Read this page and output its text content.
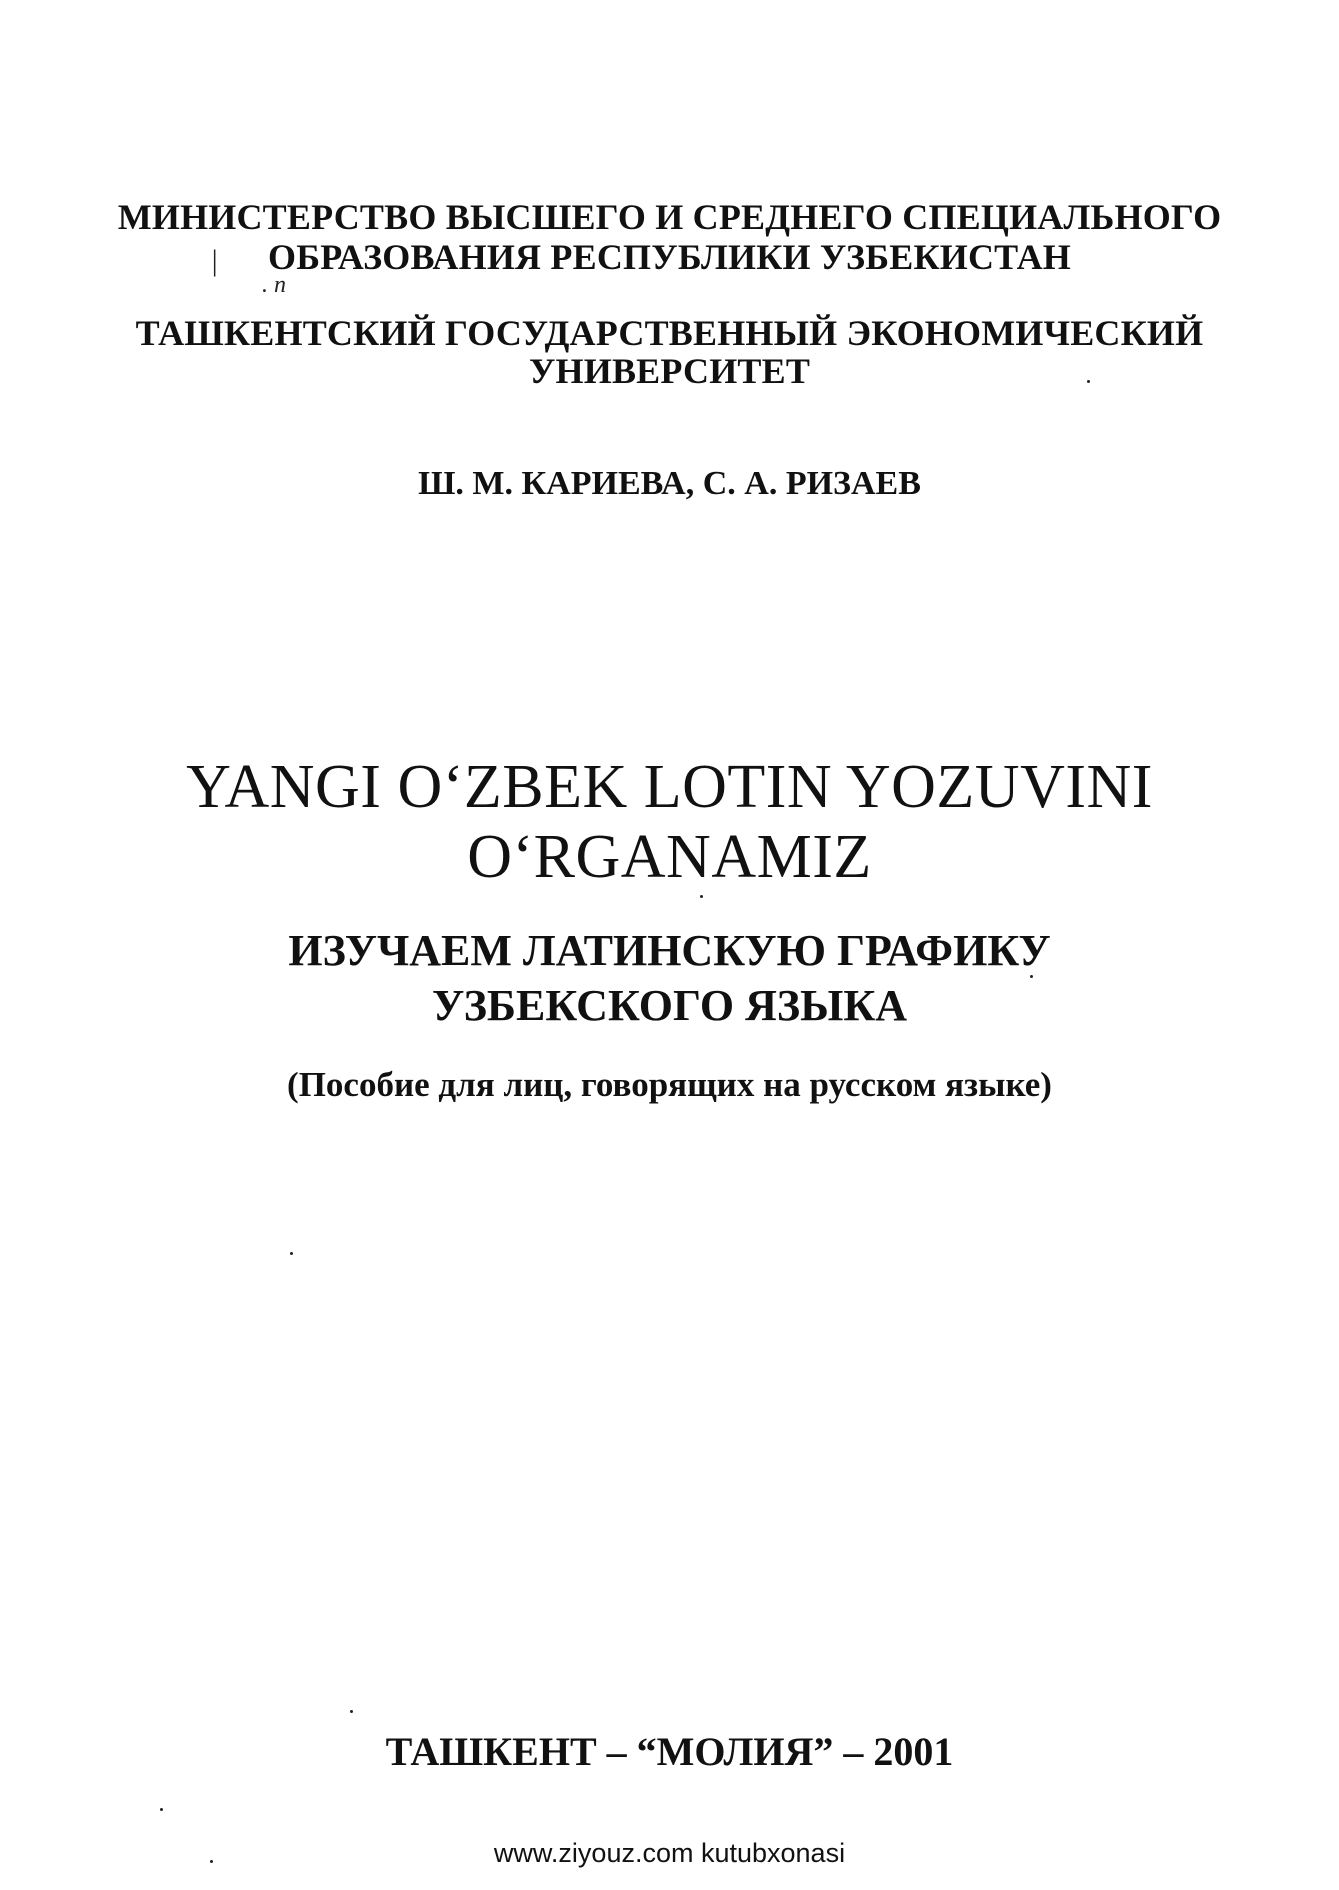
МИНИСТЕРСТВО ВЫСШЕГО И СРЕДНЕГО СПЕЦИАЛЬНОГО
ОБРАЗОВАНИЯ РЕСПУБЛИКИ УЗБЕКИСТАН
|
. n
ТАШКЕНТСКИЙ ГОСУДАРСТВЕННЫЙ ЭКОНОМИЧЕСКИЙ
УНИВЕРСИТЕТ
Ш. М. КАРИЕВА, С. А. РИЗАЕВ
YANGI O‘ZBEK LOTIN YOZUVINI
O‘RGANAMIZ
ИЗУЧАЕМ ЛАТИНСКУЮ ГРАФИКУ
УЗБЕКСКОГО ЯЗЫКА
(Пособие для лиц, говорящих на русском языке)
ТАШКЕНТ – “МОЛИЯ” – 2001
www.ziyouz.com kutubxonasi
